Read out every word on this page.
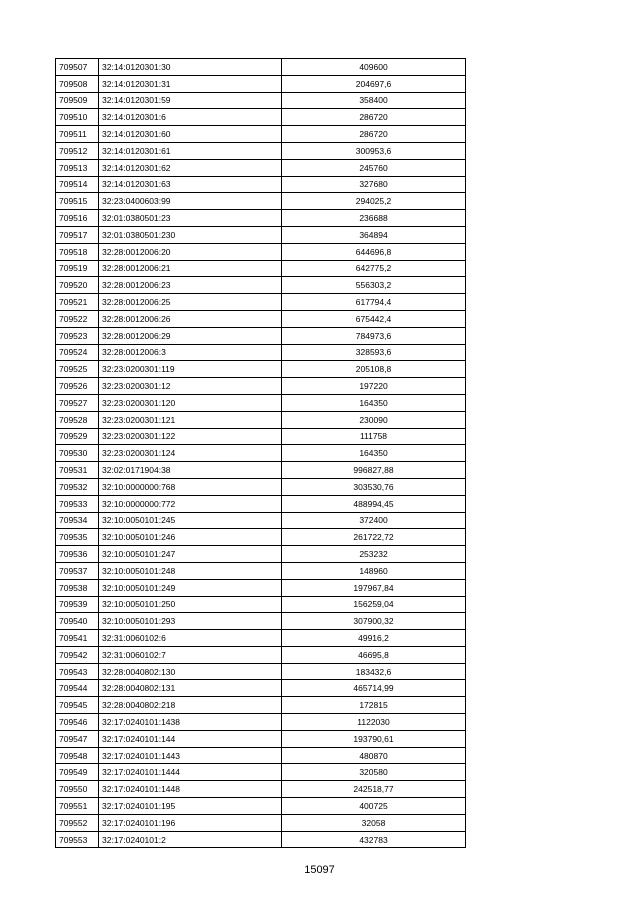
709507	32:14:0120301:30	409600
709508	32:14:0120301:31	204697,6
709509	32:14:0120301:59	358400
709510	32:14:0120301:6	286720
709511	32:14:0120301:60	286720
709512	32:14:0120301:61	300953,6
709513	32:14:0120301:62	245760
709514	32:14:0120301:63	327680
709515	32:23:0400603:99	294025,2
709516	32:01:0380501:23	236688
709517	32:01:0380501:230	364894
709518	32:28:0012006:20	644696,8
709519	32:28:0012006:21	642775,2
709520	32:28:0012006:23	556303,2
709521	32:28:0012006:25	617794,4
709522	32:28:0012006:26	675442,4
709523	32:28:0012006:29	784973,6
709524	32:28:0012006:3	328593,6
709525	32:23:0200301:119	205108,8
709526	32:23:0200301:12	197220
709527	32:23:0200301:120	164350
709528	32:23:0200301:121	230090
709529	32:23:0200301:122	111758
709530	32:23:0200301:124	164350
709531	32:02:0171904:38	996827,88
709532	32:10:0000000:768	303530,76
709533	32:10:0000000:772	488994,45
709534	32:10:0050101:245	372400
709535	32:10:0050101:246	261722,72
709536	32:10:0050101:247	253232
709537	32:10:0050101:248	148960
709538	32:10:0050101:249	197967,84
709539	32:10:0050101:250	156259,04
709540	32:10:0050101:293	307900,32
709541	32:31:0060102:6	49916,2
709542	32:31:0060102:7	46695,8
709543	32:28:0040802:130	183432,6
709544	32:28:0040802:131	465714,99
709545	32:28:0040802:218	172815
709546	32:17:0240101:1438	1122030
709547	32:17:0240101:144	193790,61
709548	32:17:0240101:1443	480870
709549	32:17:0240101:1444	320580
709550	32:17:0240101:1448	242518,77
709551	32:17:0240101:195	400725
709552	32:17:0240101:196	32058
709553	32:17:0240101:2	432783
15097
